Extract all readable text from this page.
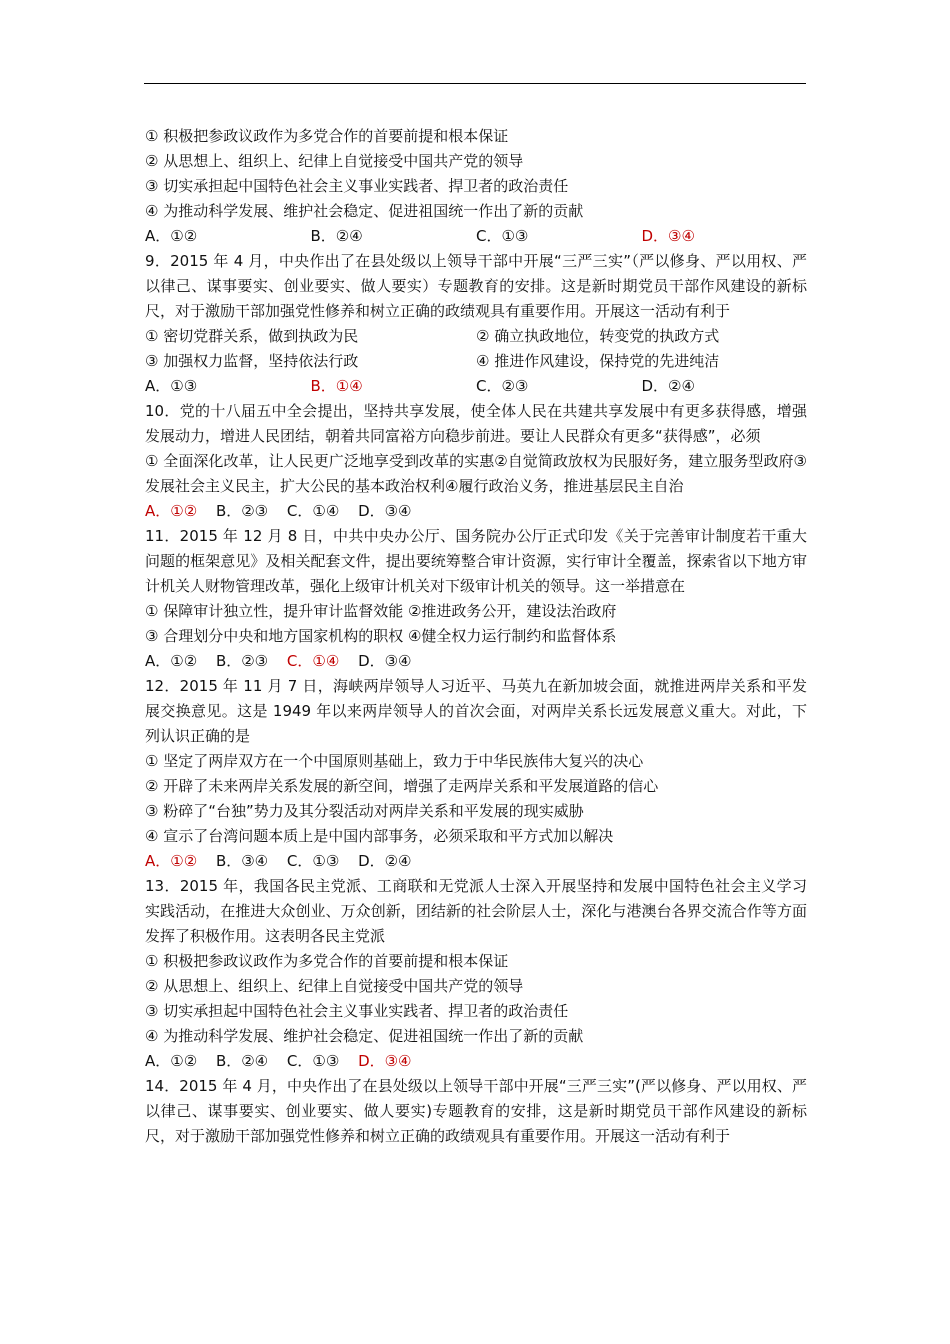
① 积极把参政议政作为多党合作的首要前提和根本保证
② 从思想上、组织上、纪律上自觉接受中国共产党的领导
③ 切实承担起中国特色社会主义事业实践者、捍卫者的政治责任
④ 为推动科学发展、维护社会稳定、促进祖国统一作出了新的贡献
A．①②	B．②④	C．①③	D．③④
9．2015 年 4 月，中央作出了在县处级以上领导干部中开展“三严三实”（严以修身、严以用权、严以律己、谋事要实、创业要实、做人要实）专题教育的安排。这是新时期党员干部作风建设的新标尺，对于激励干部加强党性修养和树立正确的政绩观具有重要作用。开展这一活动有利于
① 密切党群关系，做到执政为民	② 确立执政地位，转变党的执政方式
③ 加强权力监督，坚持依法行政	④ 推进作风建设，保持党的先进纯洁
A．①③	B．①④	C．②③	D．②④
10．党的十八届五中全会提出，坚持共享发展，使全体人民在共建共享发展中有更多获得感，增强发展动力，增进人民团结，朝着共同富裕方向稳步前进。要让人民群众有更多“获得感”，必须
① 全面深化改革，让人民更广泛地享受到改革的实惠②自觉简政放权为民服好务，建立服务型政府③发展社会主义民主，扩大公民的基本政治权利④履行政治义务，推进基层民主自治
A．①② B．②③ C．①④ D．③④
11．2015 年 12 月 8 日，中共中央办公厅、国务院办公厅正式印发《关于完善审计制度若干重大问题的框架意见》及相关配套文件，提出要统筹整合审计资源，实行审计全覆盖，探索省以下地方审计机关人财物管理改革，强化上级审计机关对下级审计机关的领导。这一举措意在
① 保障审计独立性，提升审计监督效能 ②推进政务公开，建设法治政府
③ 合理划分中央和地方国家机构的职权 ④健全权力运行制约和监督体系
A．①② B．②③ C．①④ D．③④
12．2015 年 11 月 7 日，海峡两岸领导人习近平、马英九在新加坡会面，就推进两岸关系和平发展交换意见。这是 1949 年以来两岸领导人的首次会面，对两岸关系长远发展意义重大。对此，下列认识正确的是
① 坚定了两岸双方在一个中国原则基础上，致力于中华民族伟大复兴的决心
② 开辟了未来两岸关系发展的新空间，增强了走两岸关系和平发展道路的信心
③ 粉碎了“台独”势力及其分裂活动对两岸关系和平发展的现实威胁
④ 宣示了台湾问题本质上是中国内部事务，必须采取和平方式加以解决
A．①② B．③④ C．①③ D．②④
13．2015 年，我国各民主党派、工商联和无党派人士深入开展坚持和发展中国特色社会主义学习实践活动，在推进大众创业、万众创新，团结新的社会阶层人士，深化与港澳台各界交流合作等方面发挥了积极作用。这表明各民主党派
① 积极把参政议政作为多党合作的首要前提和根本保证
② 从思想上、组织上、纪律上自觉接受中国共产党的领导
③ 切实承担起中国特色社会主义事业实践者、捍卫者的政治责任
④ 为推动科学发展、维护社会稳定、促进祖国统一作出了新的贡献
A．①② B．②④ C．①③ D．③④
14．2015 年 4 月，中央作出了在县处级以上领导干部中开展“三严三实”(严以修身、严以用权、严以律己、谋事要实、创业要实、做人要实)专题教育的安排，这是新时期党员干部作风建设的新标尺，对于激励干部加强党性修养和树立正确的政绩观具有重要作用。开展这一活动有利于
